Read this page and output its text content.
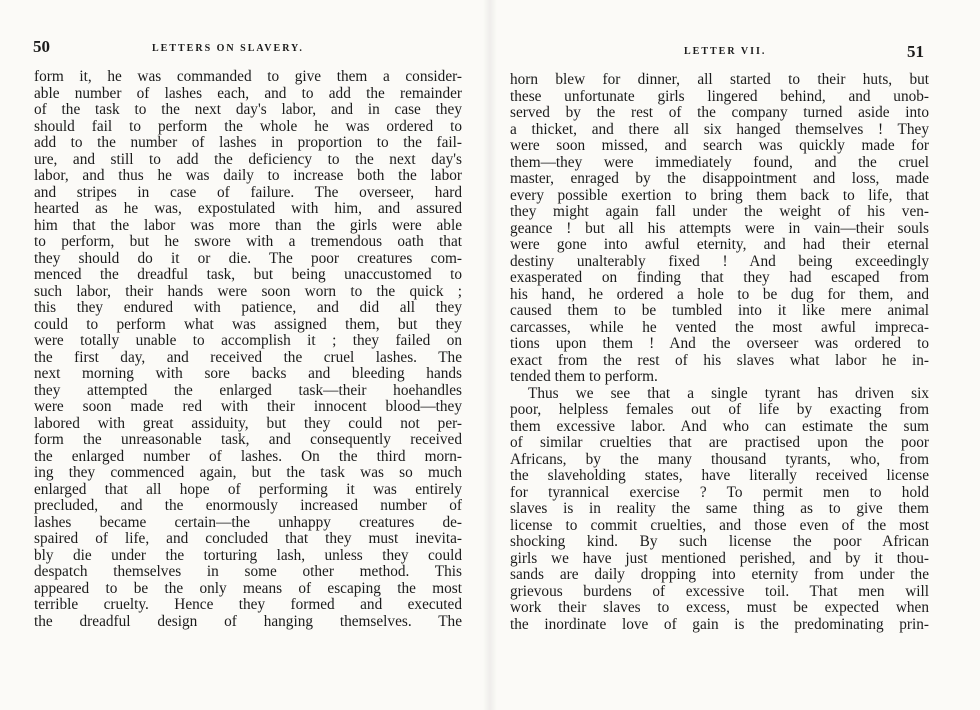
50	LETTERS ON SLAVERY.
form it, he was commanded to give them a consider-
able number of lashes each, and to add the remainder
of the task to the next day's labor, and in case they
should fail to perform the whole he was ordered to
add to the number of lashes in proportion to the fail-
ure, and still to add the deficiency to the next day's
labor, and thus he was daily to increase both the labor
and stripes in case of failure. The overseer, hard
hearted as he was, expostulated with him, and assured
him that the labor was more than the girls were able
to perform, but he swore with a tremendous oath that
they should do it or die. The poor creatures com-
menced the dreadful task, but being unaccustomed to
such labor, their hands were soon worn to the quick ;
this they endured with patience, and did all they
could to perform what was assigned them, but they
were totally unable to accomplish it ; they failed on
the first day, and received the cruel lashes. The
next morning with sore backs and bleeding hands
they attempted the enlarged task—their hoehandles
were soon made red with their innocent blood—they
labored with great assiduity, but they could not per-
form the unreasonable task, and consequently received
the enlarged number of lashes. On the third morn-
ing they commenced again, but the task was so much
enlarged that all hope of performing it was entirely
precluded, and the enormously increased number of
lashes became certain—the unhappy creatures de-
spaired of life, and concluded that they must inevita-
bly die under the torturing lash, unless they could
despatch themselves in some other method. This
appeared to be the only means of escaping the most
terrible cruelty. Hence they formed and executed
the dreadful design of hanging themselves. The
LETTER VII.	51
horn blew for dinner, all started to their huts, but
these unfortunate girls lingered behind, and unob-
served by the rest of the company turned aside into
a thicket, and there all six hanged themselves ! They
were soon missed, and search was quickly made for
them—they were immediately found, and the cruel
master, enraged by the disappointment and loss, made
every possible exertion to bring them back to life, that
they might again fall under the weight of his ven-
geance ! but all his attempts were in vain—their souls
were gone into awful eternity, and had their eternal
destiny unalterably fixed ! And being exceedingly
exasperated on finding that they had escaped from
his hand, he ordered a hole to be dug for them, and
caused them to be tumbled into it like mere animal
carcasses, while he vented the most awful impreca-
tions upon them ! And the overseer was ordered to
exact from the rest of his slaves what labor he in-
tended them to perform.
Thus we see that a single tyrant has driven six
poor, helpless females out of life by exacting from
them excessive labor. And who can estimate the sum
of similar cruelties that are practised upon the poor
Africans, by the many thousand tyrants, who, from
the slaveholding states, have literally received license
for tyrannical exercise ? To permit men to hold
slaves is in reality the same thing as to give them
license to commit cruelties, and those even of the most
shocking kind. By such license the poor African
girls we have just mentioned perished, and by it thou-
sands are daily dropping into eternity from under the
grievous burdens of excessive toil. That men will
work their slaves to excess, must be expected when
the inordinate love of gain is the predominating prin-
